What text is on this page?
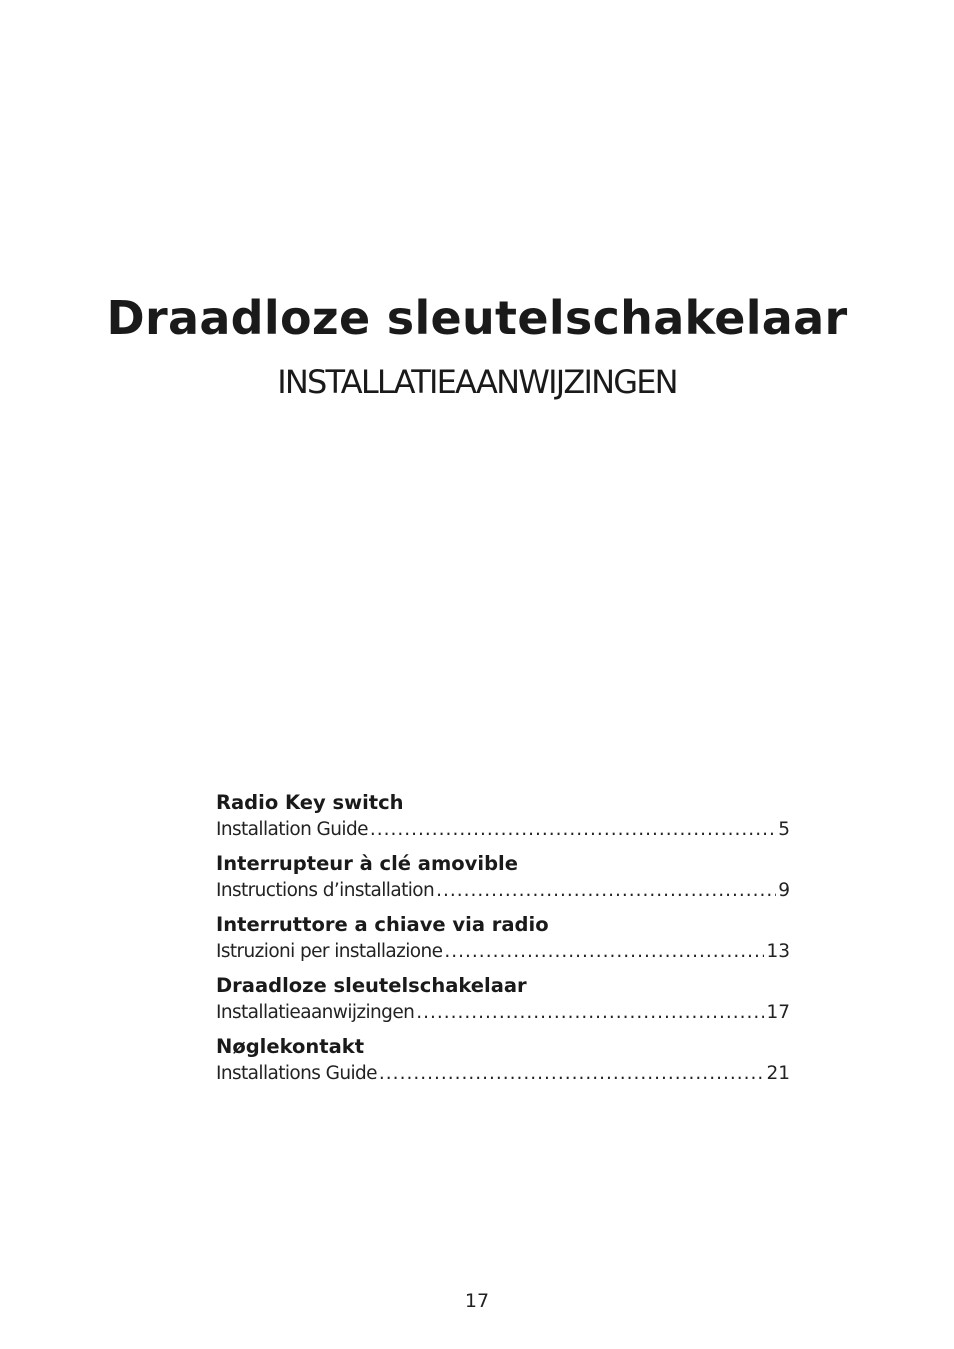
Draadloze sleutelschakelaar
INSTALLATIEAANWIJZINGEN
Radio Key switch
Installation Guide .....	5
Interrupteur à clé amovible
Instructions d’installation .....	9
Interruttore a chiave via radio
Istruzioni per installazione .....	13
Draadloze sleutelschakelaar
Installatieaanwijzingen .....	17
Nøglekontakt
Installations Guide .....	21
17
